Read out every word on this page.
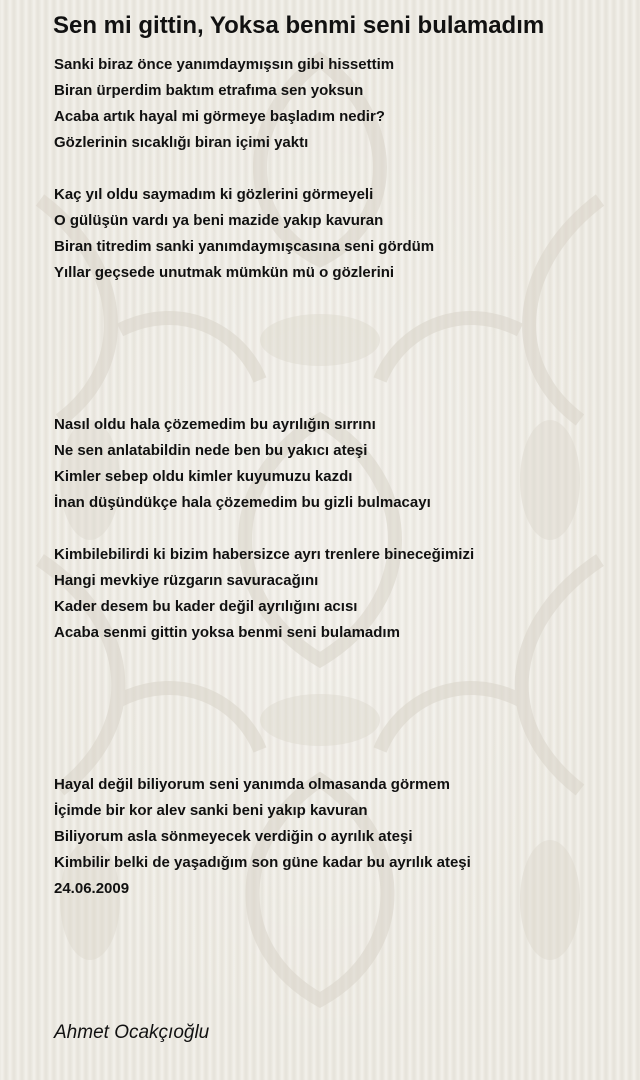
Sen mi gittin, Yoksa benmi seni bulamadım

Sanki biraz önce yanımdaymışsın gibi hissettim

Biran ürperdim baktım etrafıma sen yoksun

Acaba artık hayal mi görmeye başladım nedir?

Gözlerinin sıcaklığı biran içimi yaktı

Kaç yıl oldu saymadım ki gözlerini görmeyeli

O gülüşün vardı ya beni mazide yakıp kavuran

Biran titredim sanki yanımdaymışcasına seni gördüm

Yıllar geçsede unutmak mümkün mü o gözlerini

Nasıl oldu hala çözemedim bu ayrılığın sırrını

Ne sen anlatabildin nede ben bu yakıcı ateşi

Kimler sebep oldu kimler kuyumuzu kazdı

İnan düşündükçe hala çözemedim bu gizli bulmacayı

Kimbilebilirdi ki bizim habersizce ayrı trenlere bineceğimizi

Hangi mevkiye rüzgarın savuracağını

Kader desem bu kader değil ayrılığını acısı

Acaba senmi gittin yoksa benmi seni bulamadım

Hayal değil biliyorum seni yanımda olmasanda görmem

İçimde bir kor alev sanki beni yakıp kavuran

Biliyorum asla sönmeyecek verdiğin o ayrılık ateşi

Kimbilir belki de yaşadığım son güne kadar bu ayrılık ateşi

24.06.2009

Ahmet Ocakçıoğlu
